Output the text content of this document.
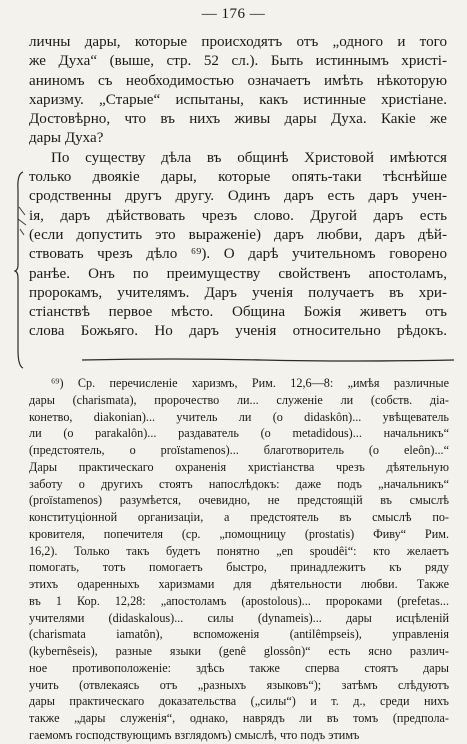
— 176 —

личны дары, которые происходятъ отъ „одного и того
же Духа“ (выше, стр. 52 сл.). Быть истиннымъ христi-
аниномъ съ необходимостью означаетъ имѣть нѣкоторую
харизму. „Старые“ испытаны, какъ истинные христiане.
Достовѣрно, что въ нихъ живы дары Духа. Какiе же
дары Духа?

По существу дѣла въ общинѣ Христовой имѣются
только двоякiе дары, которые опять-таки тѣснѣйше
сродственны другъ другу. Одинъ даръ есть даръ учен-
iя, даръ дѣйствовать чрезъ слово. Другой даръ есть
(если допустить это выраженiе) даръ любви, даръ дѣй-
ствовать чрезъ дѣло ⁶⁹). О дарѣ учительномъ говорено
ранѣе. Онъ по преимуществу свойственъ апостоламъ,
пророкамъ, учителямъ. Даръ ученiя получаетъ въ хри-
стiанствѣ первое мѣсто. Община Божiя живетъ отъ
слова Божьяго. Но даръ ученiя относительно рѣдокъ.

⁶⁹) Ср. перечисленiе харизмъ, Рим. 12,6—8: „имѣя различные
дары (charismata), пророчество ли... служенiе ли (собств. дia-
конетво, diakonian)... учитель ли (o didaskôn)... увѣщеватель
ли (o parakalôn)... раздаватель (o metadidous)... начальникъ“
(предстоятель, o proïstamenos)... благотворитель (o eleôn)...“
Дары практическаго охраненiя христiанства чрезъ дѣятельную
заботу о другихъ стоятъ напослѣдокъ: даже подъ „начальникъ“
(proïstamenos) разумѣется, очевидно, не предстоящiй въ смыслѣ
конституцiонной организацiи, а предстоятель въ смыслѣ по-
кровителя, попечителя (ср. „помощницу (prostatis) Фиву“ Рим.
16,2). Только такъ будетъ понятно „en spoudêi“: кто желаетъ
помогать, тотъ помогаетъ быстро, принадлежитъ къ ряду
этихъ одаренныхъ харизмами для дѣятельности любви. Также
въ 1 Кор. 12,28: „апостоламъ (apostolous)... пророками (prefetas...
учителями (didaskalous)... силы (dynameis)... дары исцѣленiй
(charismata iamatôn), вспоможенiя (antilêmpseis), управленiя
(kybernêseis), разные языки (genê glossôn)“ есть ясно различ-
ное противоположенiе: здѣсь также сперва стоятъ дары
учить (отвлекаясь отъ „разныхъ языковъ“); затѣмъ слѣдуютъ
дары практическаго доказательства („силы“) и т. д., среди нихъ
также „дары служенiя“, однако, наврядъ ли въ томъ (предпола-
гаемомъ господствующимъ взглядомъ) смыслѣ, что подъ этимъ
